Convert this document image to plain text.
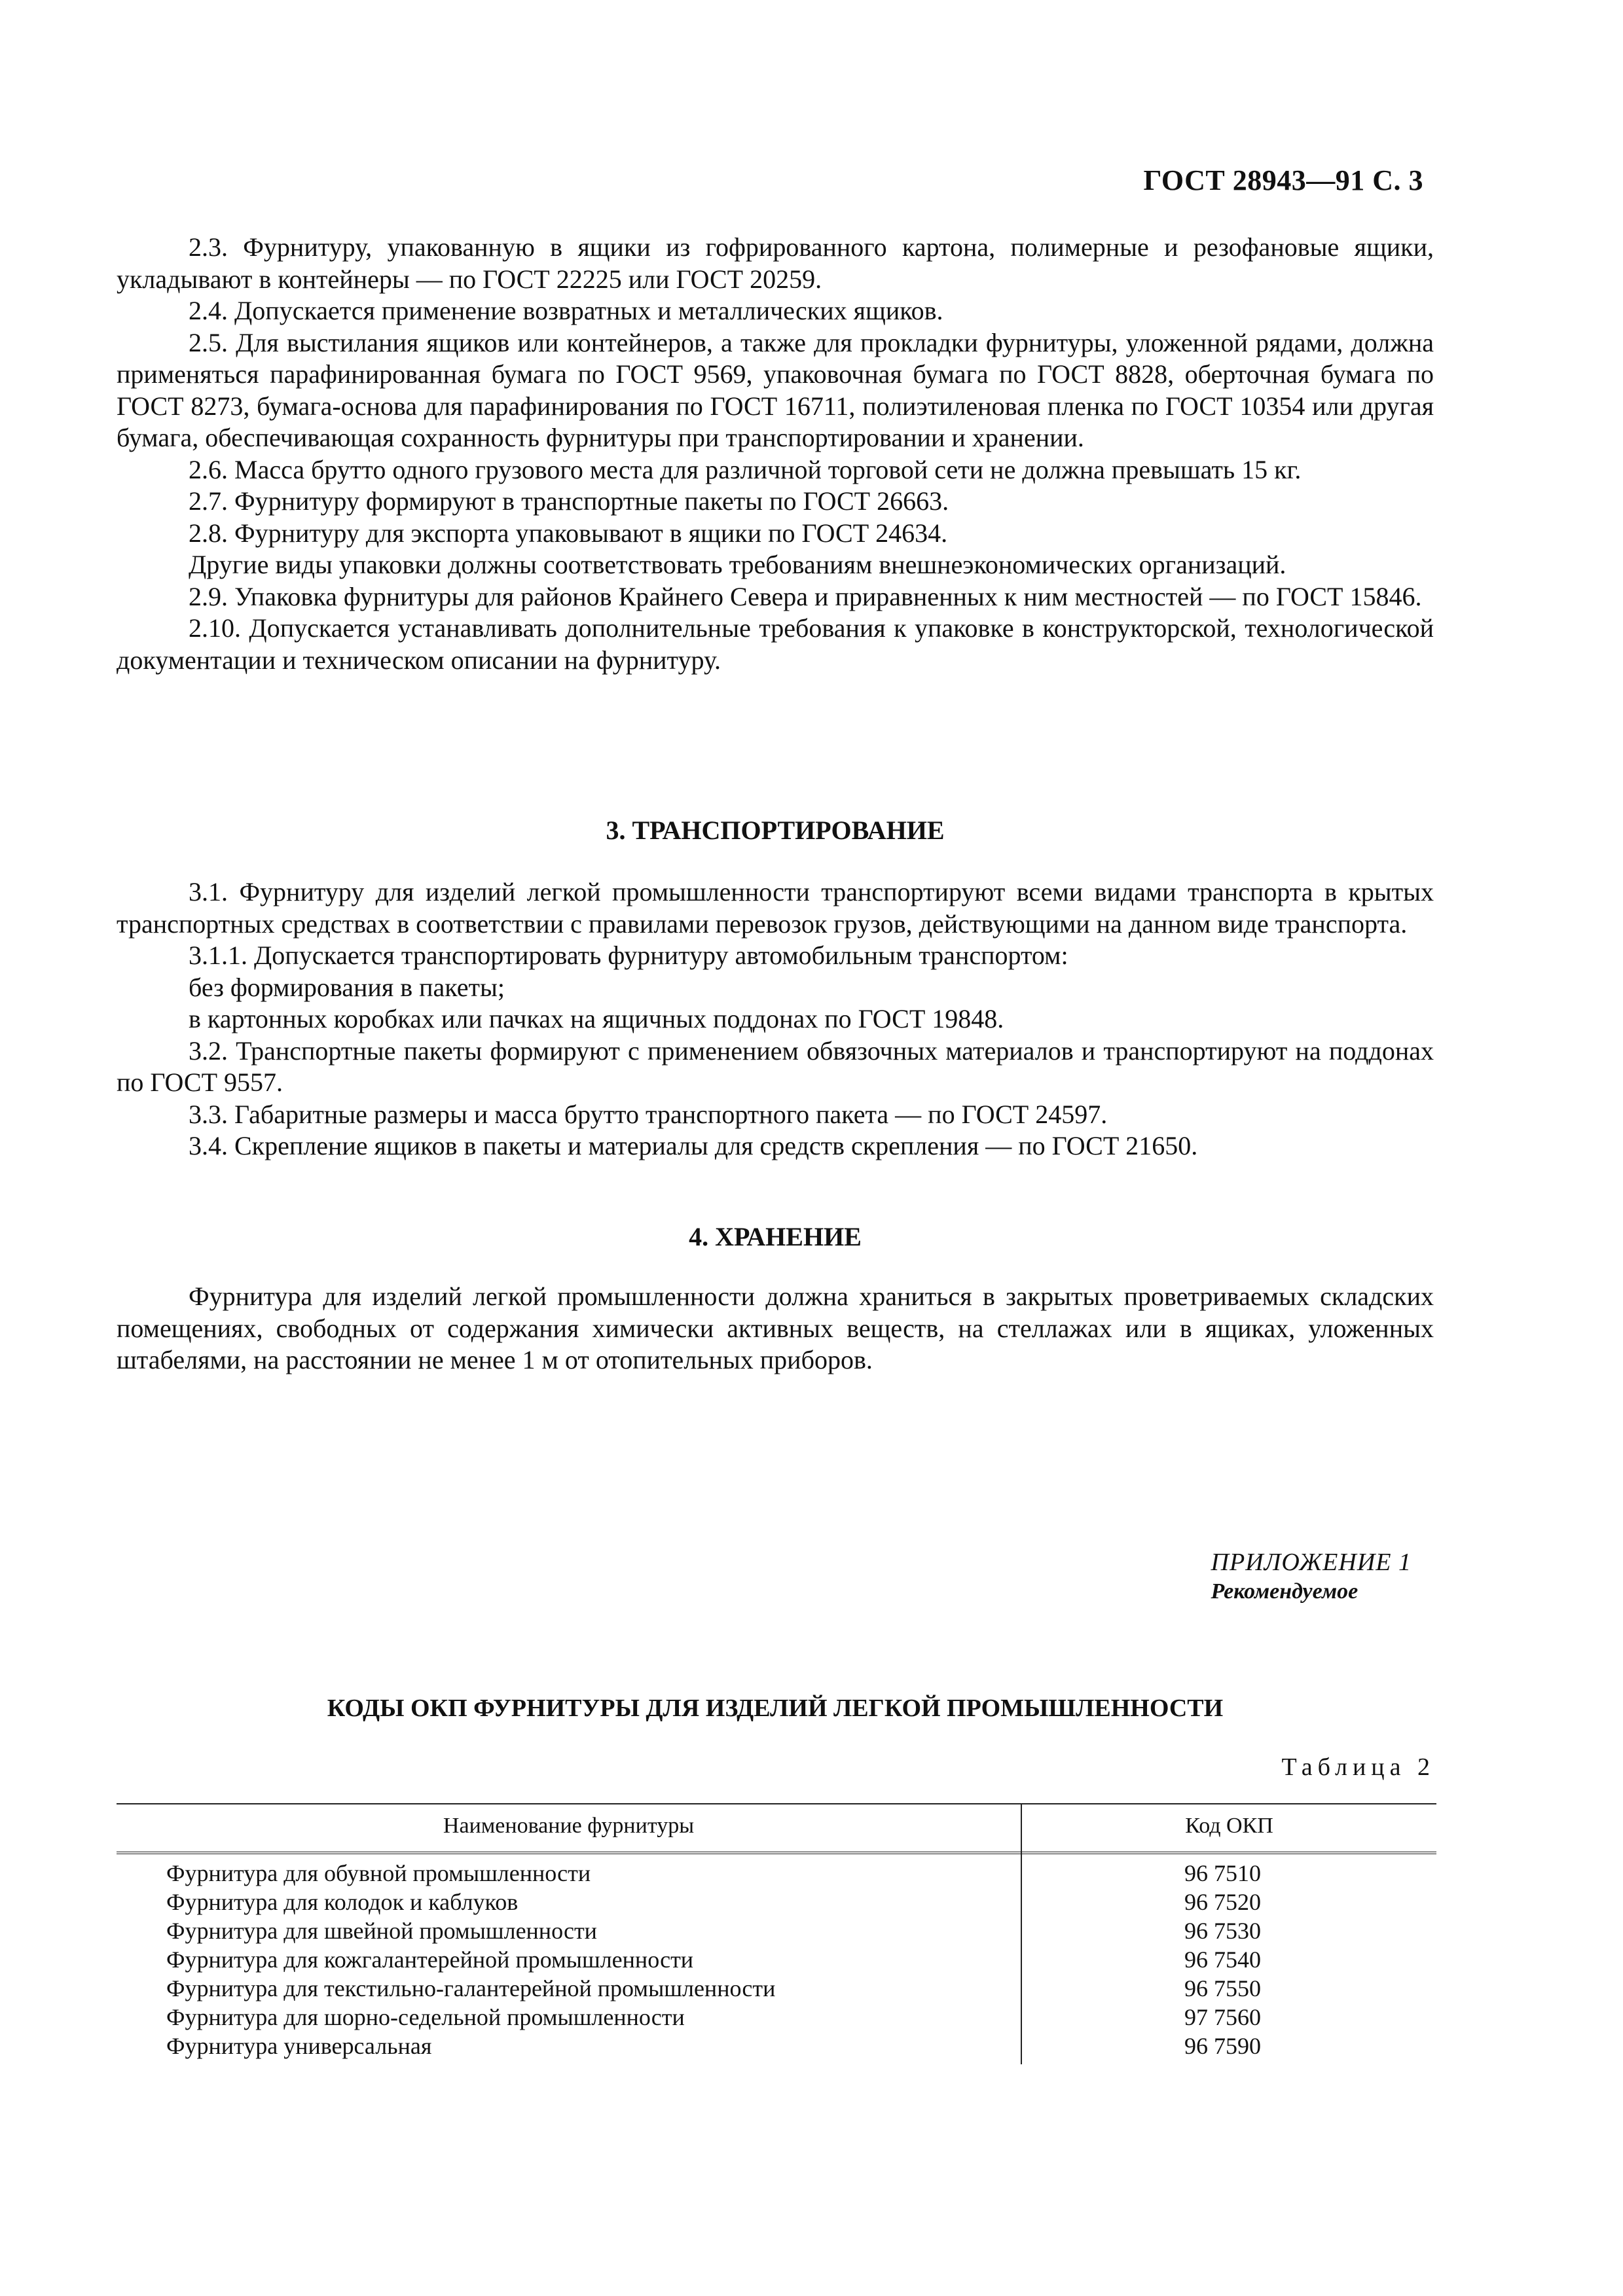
ГОСТ 28943—91 С. 3

2.3. Фурнитуру, упакованную в ящики из гофрированного картона, полимерные и резофановые ящики, укладывают в контейнеры — по ГОСТ 22225 или ГОСТ 20259.

2.4. Допускается применение возвратных и металлических ящиков.

2.5. Для выстилания ящиков или контейнеров, а также для прокладки фурнитуры, уложенной рядами, должна применяться парафинированная бумага по ГОСТ 9569, упаковочная бумага по ГОСТ 8828, оберточная бумага по ГОСТ 8273, бумага-основа для парафинирования по ГОСТ 16711, полиэтиленовая пленка по ГОСТ 10354 или другая бумага, обеспечивающая сохранность фурнитуры при транспортировании и хранении.

2.6. Масса брутто одного грузового места для различной торговой сети не должна превышать 15 кг.

2.7. Фурнитуру формируют в транспортные пакеты по ГОСТ 26663.

2.8. Фурнитуру для экспорта упаковывают в ящики по ГОСТ 24634.

Другие виды упаковки должны соответствовать требованиям внешнеэкономических организаций.

2.9. Упаковка фурнитуры для районов Крайнего Севера и приравненных к ним местностей — по ГОСТ 15846.

2.10. Допускается устанавливать дополнительные требования к упаковке в конструкторской, технологической документации и техническом описании на фурнитуру.

3. ТРАНСПОРТИРОВАНИЕ

3.1. Фурнитуру для изделий легкой промышленности транспортируют всеми видами транспорта в крытых транспортных средствах в соответствии с правилами перевозок грузов, действующими на данном виде транспорта.

3.1.1. Допускается транспортировать фурнитуру автомобильным транспортом:

без формирования в пакеты;

в картонных коробках или пачках на ящичных поддонах по ГОСТ 19848.

3.2. Транспортные пакеты формируют с применением обвязочных материалов и транспортируют на поддонах по ГОСТ 9557.

3.3. Габаритные размеры и масса брутто транспортного пакета — по ГОСТ 24597.

3.4. Скрепление ящиков в пакеты и материалы для средств скрепления — по ГОСТ 21650.

4. ХРАНЕНИЕ

Фурнитура для изделий легкой промышленности должна храниться в закрытых проветриваемых складских помещениях, свободных от содержания химически активных веществ, на стеллажах или в ящиках, уложенных штабелями, на расстоянии не менее 1 м от отопительных приборов.

ПРИЛОЖЕНИЕ 1
Рекомендуемое
КОДЫ ОКП ФУРНИТУРЫ ДЛЯ ИЗДЕЛИЙ ЛЕГКОЙ ПРОМЫШЛЕННОСТИ
Таблица 2
Наименование фурнитуры	Код ОКП
Фурнитура для обувной промышленности	96 7510
Фурнитура для колодок и каблуков	96 7520
Фурнитура для швейной промышленности	96 7530
Фурнитура для кожгалантерейной промышленности	96 7540
Фурнитура для текстильно-галантерейной промышленности	96 7550
Фурнитура для шорно-седельной промышленности	97 7560
Фурнитура универсальная	96 7590
